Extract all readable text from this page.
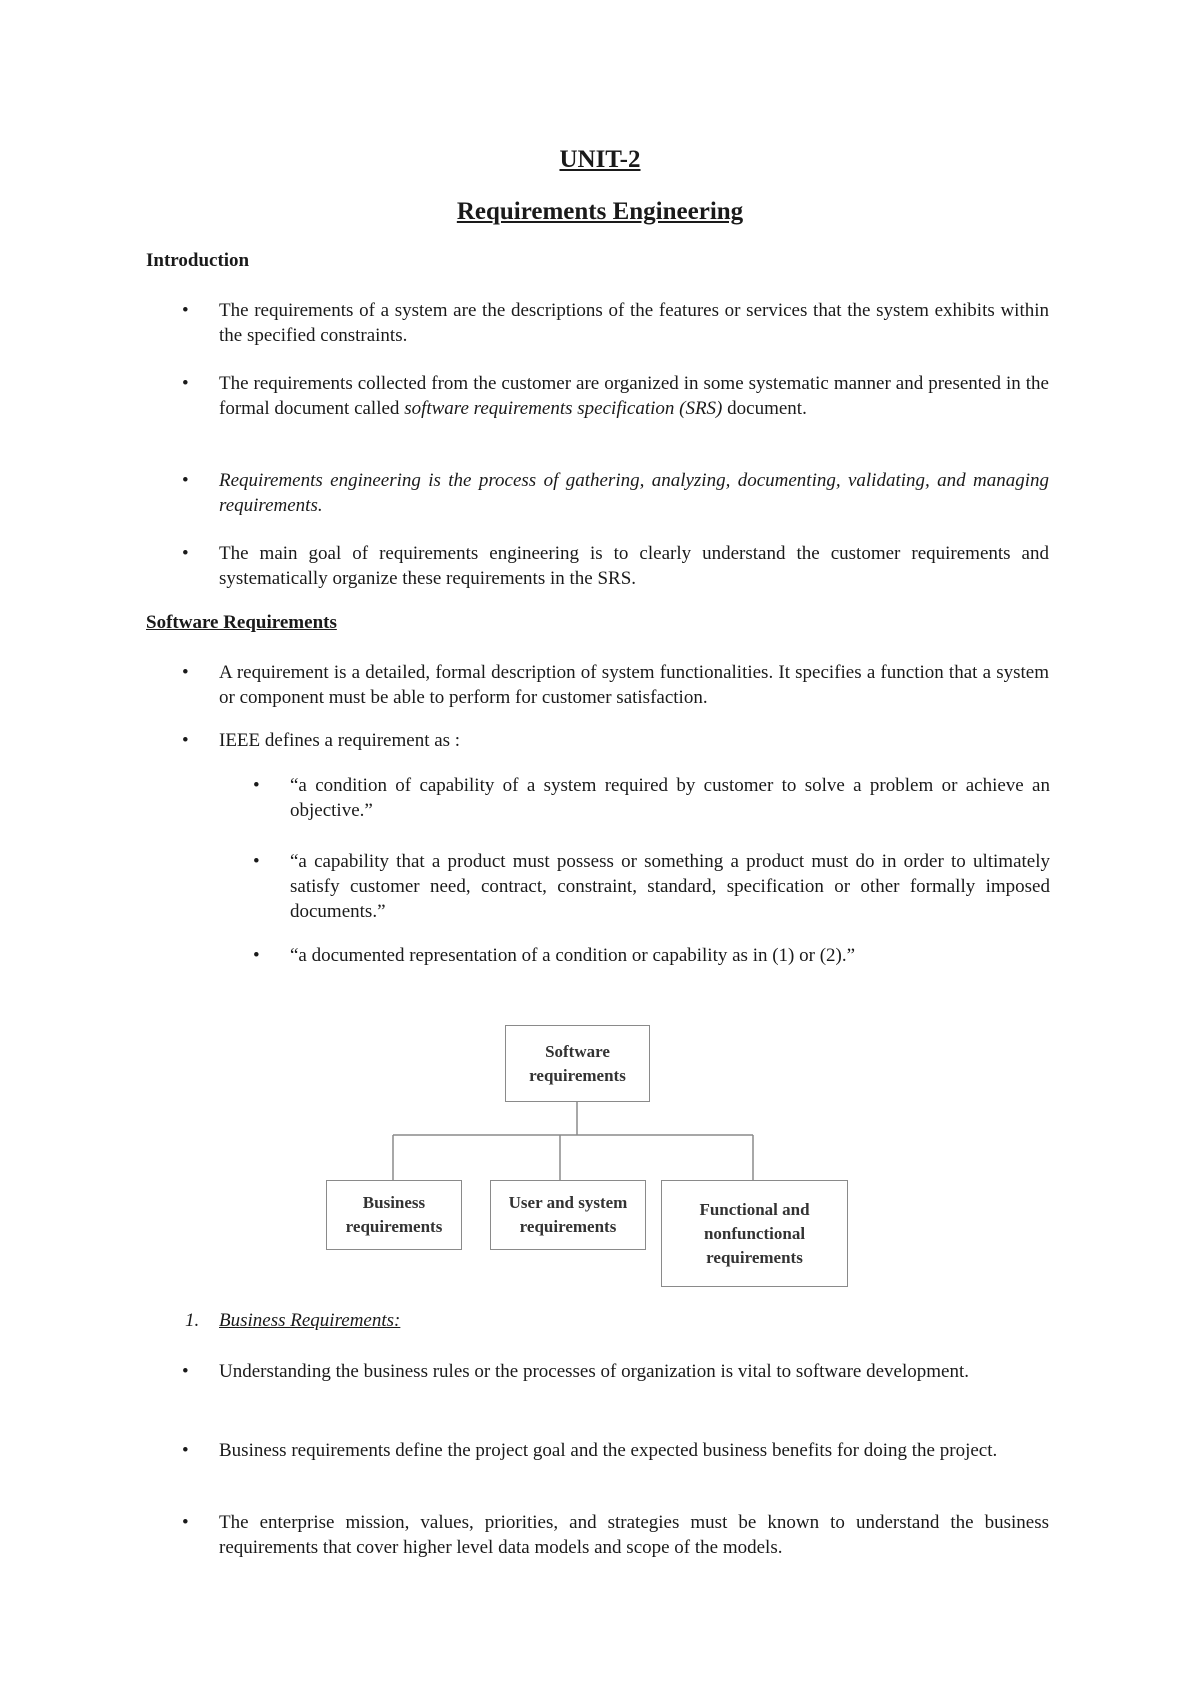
UNIT-2
Requirements Engineering
Introduction
•	The requirements of a system are the descriptions of the features or services that the system exhibits within the specified constraints.
•	The requirements collected from the customer are organized in some systematic manner and presented in the formal document called software requirements specification (SRS) document.
•	Requirements engineering is the process of gathering, analyzing, documenting, validating, and managing requirements.
•	The main goal of requirements engineering is to clearly understand the customer requirements and systematically organize these requirements in the SRS.
Software Requirements
•	A requirement is a detailed, formal description of system functionalities. It specifies a function that a system or component must be able to perform for customer satisfaction.
•	IEEE defines a requirement as :
• “a condition of capability of a system required by customer to solve a problem or achieve an objective.”
• “a capability that a product must possess or something a product must do in order to ultimately satisfy customer need, contract, constraint, standard, specification or other formally imposed documents.”
• “a documented representation of a condition or capability as in (1) or (2).”
Software
requirements
Business
requirements
User and system
requirements
Functional and
nonfunctional
requirements
1. Business Requirements:
•	Understanding the business rules or the processes of organization is vital to software development.
•	Business requirements define the project goal and the expected business benefits for doing the project.
•	The enterprise mission, values, priorities, and strategies must be known to understand the business requirements that cover higher level data models and scope of the models.
